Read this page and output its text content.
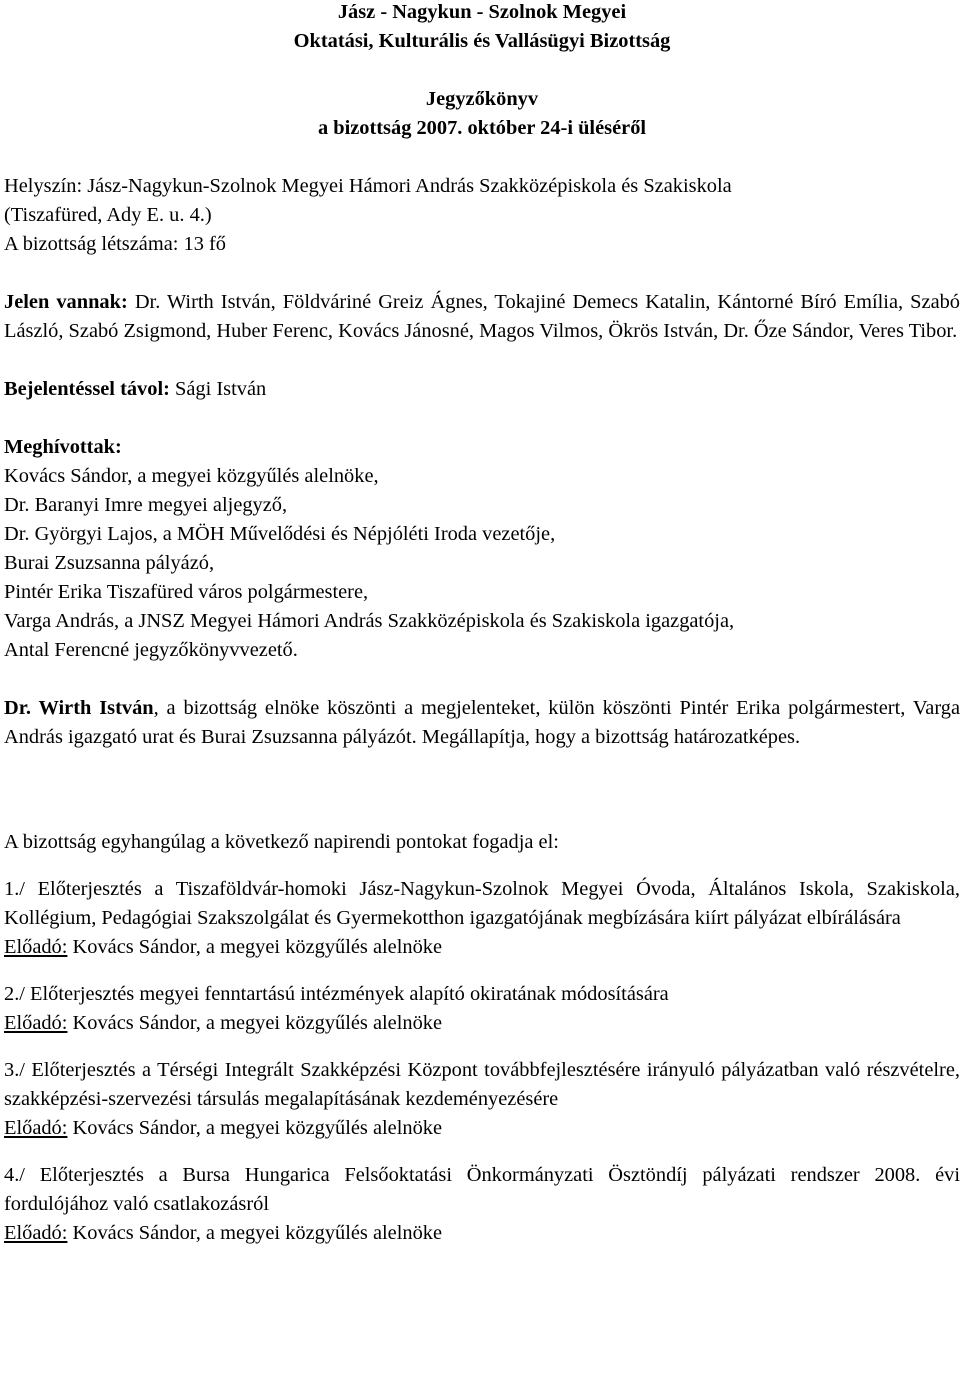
Jász - Nagykun - Szolnok Megyei

Oktatási, Kulturális és Vallásügyi Bizottság

Jegyzőkönyv

a bizottság 2007. október 24-i üléséről

Helyszín: Jász-Nagykun-Szolnok Megyei Hámori András Szakközépiskola és Szakiskola

(Tiszafüred, Ady E. u. 4.)

A bizottság létszáma: 13 fő

Jelen vannak: Dr. Wirth István, Földváriné Greiz Ágnes, Tokajiné Demecs Katalin, Kántorné Bíró Emília, Szabó László, Szabó Zsigmond, Huber Ferenc, Kovács Jánosné, Magos Vilmos, Ökrös István, Dr. Őze Sándor, Veres Tibor.

Bejelentéssel távol: Sági István

Meghívottak:

Kovács Sándor, a megyei közgyűlés alelnöke,

Dr. Baranyi Imre megyei aljegyző,

Dr. Györgyi Lajos, a MÖH Művelődési és Népjóléti Iroda vezetője,

Burai Zsuzsanna pályázó,

Pintér Erika Tiszafüred város polgármestere,

Varga András, a JNSZ Megyei Hámori András Szakközépiskola és Szakiskola igazgatója,

Antal Ferencné jegyzőkönyvvezető.

Dr. Wirth István, a bizottság elnöke köszönti a megjelenteket, külön köszönti Pintér Erika polgármestert, Varga András igazgató urat és Burai Zsuzsanna pályázót. Megállapítja, hogy a bizottság határozatképes.

A bizottság egyhangúlag a következő napirendi pontokat fogadja el:

1./ Előterjesztés a Tiszaföldvár-homoki Jász-Nagykun-Szolnok Megyei Óvoda, Általános Iskola, Szakiskola, Kollégium, Pedagógiai Szakszolgálat és Gyermekotthon igazgatójának megbízására kiírt pályázat elbírálására

Előadó: Kovács Sándor, a megyei közgyűlés alelnöke

2./ Előterjesztés megyei fenntartású intézmények alapító okiratának módosítására

Előadó: Kovács Sándor, a megyei közgyűlés alelnöke

3./ Előterjesztés a Térségi Integrált Szakképzési Központ továbbfejlesztésére irányuló pályázatban való részvételre, szakképzési-szervezési társulás megalapításának kezdeményezésére

Előadó: Kovács Sándor, a megyei közgyűlés alelnöke

4./ Előterjesztés a Bursa Hungarica Felsőoktatási Önkormányzati Ösztöndíj pályázati rendszer 2008. évi fordulójához való csatlakozásról

Előadó: Kovács Sándor, a megyei közgyűlés alelnöke
